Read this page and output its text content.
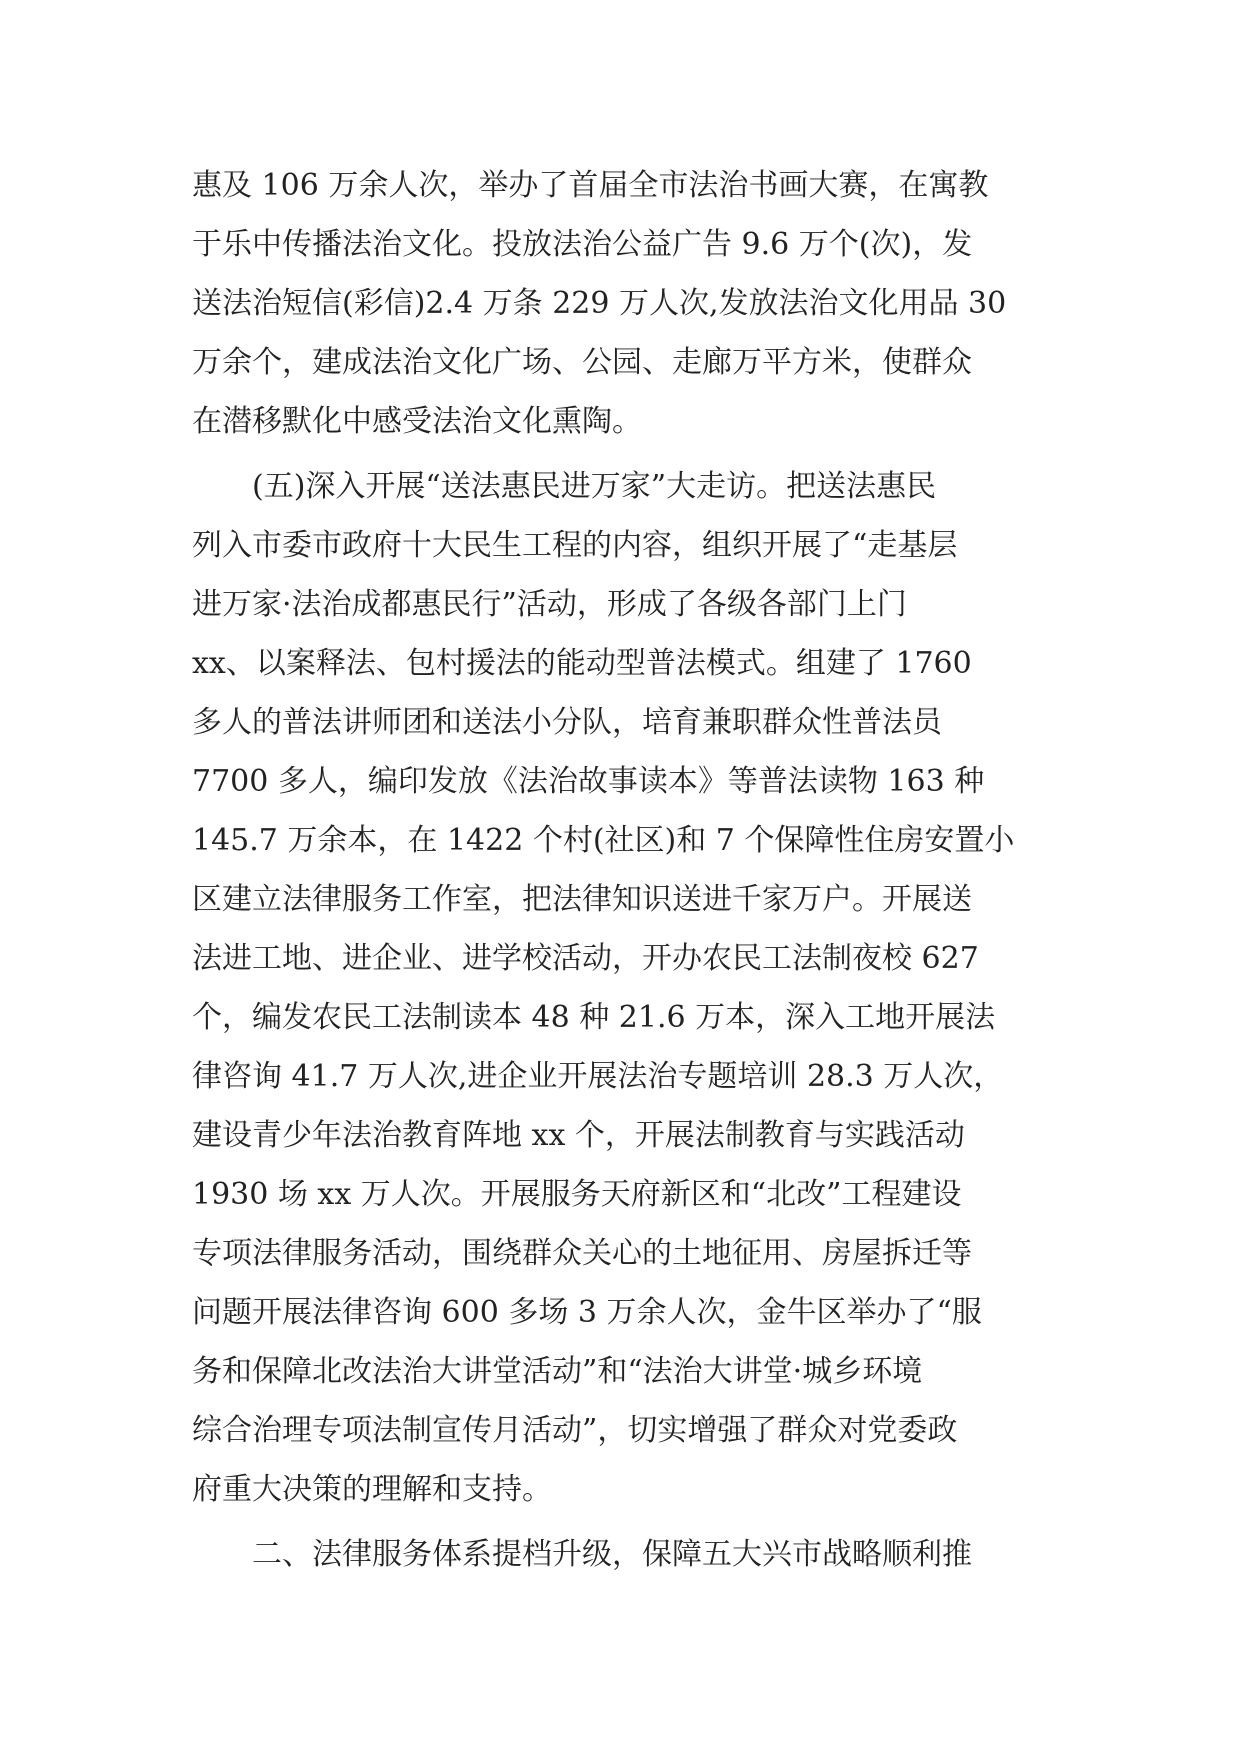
惠及 106 万余人次，举办了首届全市法治书画大赛，在寓教
于乐中传播法治文化。投放法治公益广告 9.6 万个(次)，发
送法治短信(彩信)2.4 万条 229 万人次,发放法治文化用品 30
万余个，建成法治文化广场、公园、走廊万平方米，使群众
在潜移默化中感受法治文化熏陶。
(五)深入开展“送法惠民进万家”大走访。把送法惠民
列入市委市政府十大民生工程的内容，组织开展了“走基层
进万家·法治成都惠民行”活动，形成了各级各部门上门
xx、以案释法、包村援法的能动型普法模式。组建了 1760
多人的普法讲师团和送法小分队，培育兼职群众性普法员
7700 多人，编印发放《法治故事读本》等普法读物 163 种
145.7 万余本，在 1422 个村(社区)和 7 个保障性住房安置小
区建立法律服务工作室，把法律知识送进千家万户。开展送
法进工地、进企业、进学校活动，开办农民工法制夜校 627
个，编发农民工法制读本 48 种 21.6 万本，深入工地开展法
律咨询 41.7 万人次,进企业开展法治专题培训 28.3 万人次，
建设青少年法治教育阵地 xx 个，开展法制教育与实践活动
1930 场 xx 万人次。开展服务天府新区和“北改”工程建设
专项法律服务活动，围绕群众关心的土地征用、房屋拆迁等
问题开展法律咨询 600 多场 3 万余人次，金牛区举办了“服
务和保障北改法治大讲堂活动”和“法治大讲堂·城乡环境
综合治理专项法制宣传月活动”，切实增强了群众对党委政
府重大决策的理解和支持。
二、法律服务体系提档升级，保障五大兴市战略顺利推
